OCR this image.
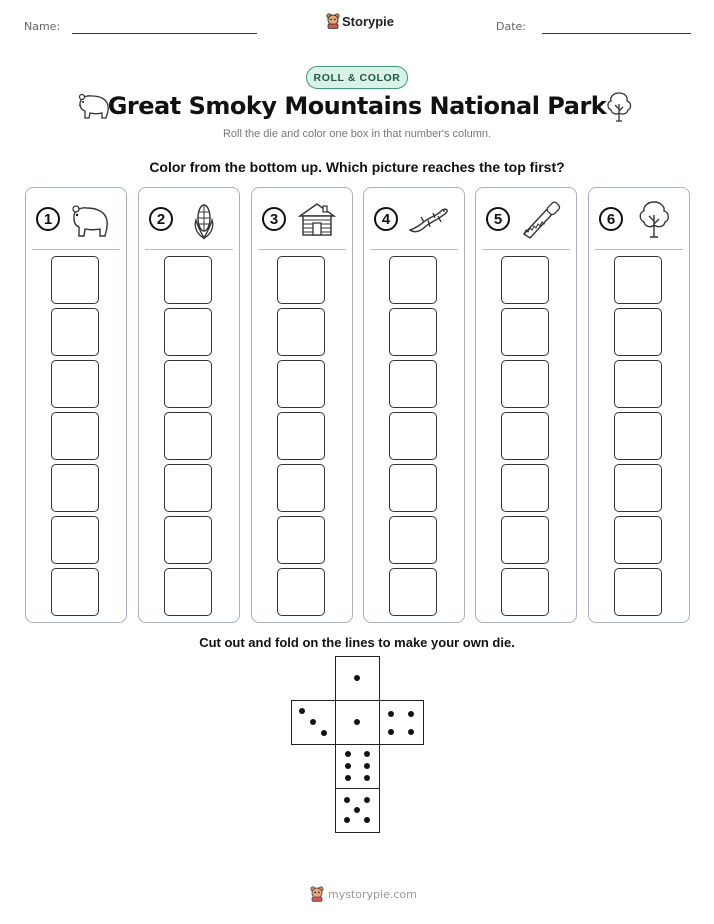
Name:	Date:
Storypie
ROLL & COLOR
Great Smoky Mountains National Park
Roll the die and color one box in that number's column.
Color from the bottom up. Which picture reaches the top first?
1	2	3	4	5	6
Cut out and fold on the lines to make your own die.
mystorypie.com
